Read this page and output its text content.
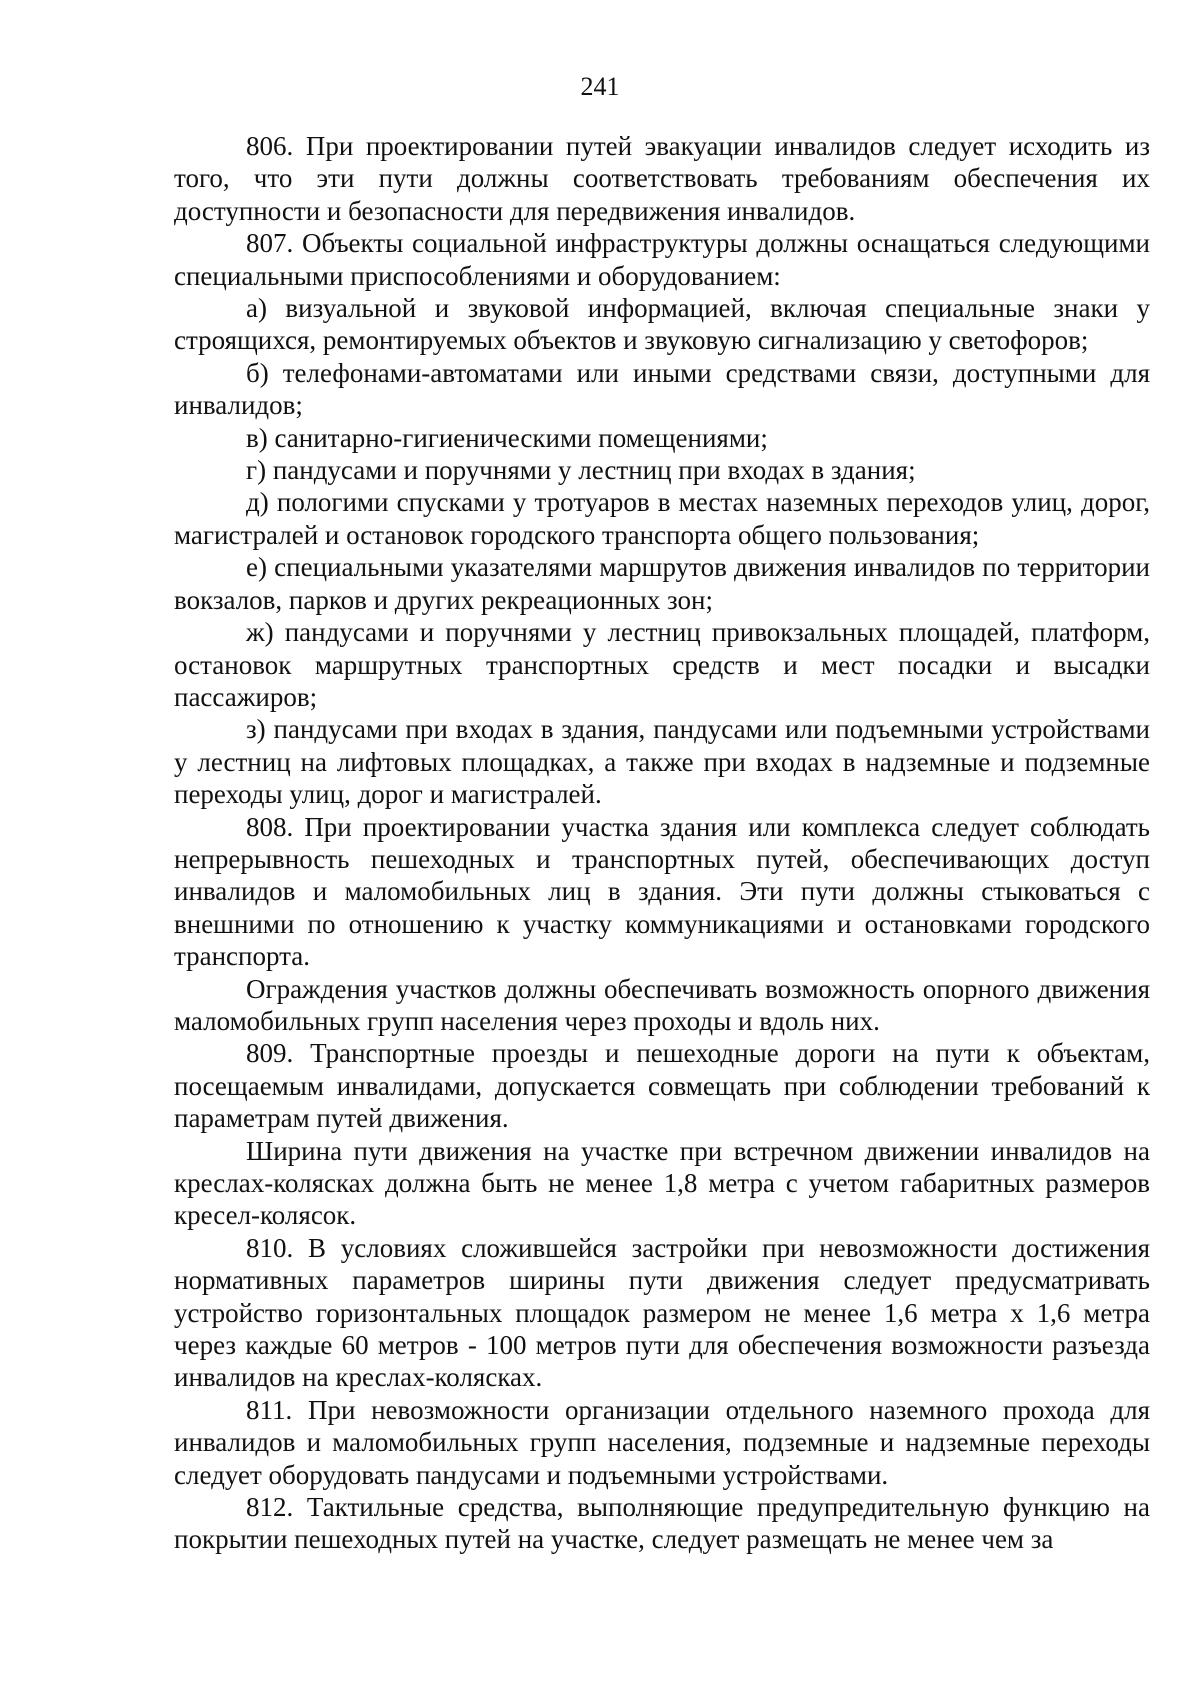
241

806. При проектировании путей эвакуации инвалидов следует исходить из того, что эти пути должны соответствовать требованиям обеспечения их доступности и безопасности для передвижения инвалидов.

807. Объекты социальной инфраструктуры должны оснащаться следующими специальными приспособлениями и оборудованием:

а) визуальной и звуковой информацией, включая специальные знаки у строящихся, ремонтируемых объектов и звуковую сигнализацию у светофоров;

б) телефонами-автоматами или иными средствами связи, доступными для инвалидов;

в) санитарно-гигиеническими помещениями;

г) пандусами и поручнями у лестниц при входах в здания;

д) пологими спусками у тротуаров в местах наземных переходов улиц, дорог, магистралей и остановок городского транспорта общего пользования;

е) специальными указателями маршрутов движения инвалидов по территории вокзалов, парков и других рекреационных зон;

ж) пандусами и поручнями у лестниц привокзальных площадей, платформ, остановок маршрутных транспортных средств и мест посадки и высадки пассажиров;

з) пандусами при входах в здания, пандусами или подъемными устройствами у лестниц на лифтовых площадках, а также при входах в надземные и подземные переходы улиц, дорог и магистралей.

808. При проектировании участка здания или комплекса следует соблюдать непрерывность пешеходных и транспортных путей, обеспечивающих доступ инвалидов и маломобильных лиц в здания. Эти пути должны стыковаться с внешними по отношению к участку коммуникациями и остановками городского транспорта.

Ограждения участков должны обеспечивать возможность опорного движения маломобильных групп населения через проходы и вдоль них.

809. Транспортные проезды и пешеходные дороги на пути к объектам, посещаемым инвалидами, допускается совмещать при соблюдении требований к параметрам путей движения.

Ширина пути движения на участке при встречном движении инвалидов на креслах-колясках должна быть не менее 1,8 метра с учетом габаритных размеров кресел-колясок.

810. В условиях сложившейся застройки при невозможности достижения нормативных параметров ширины пути движения следует предусматривать устройство горизонтальных площадок размером не менее 1,6 метра х 1,6 метра через каждые 60 метров - 100 метров пути для обеспечения возможности разъезда инвалидов на креслах-колясках.

811. При невозможности организации отдельного наземного прохода для инвалидов и маломобильных групп населения, подземные и надземные переходы следует оборудовать пандусами и подъемными устройствами.

812. Тактильные средства, выполняющие предупредительную функцию на покрытии пешеходных путей на участке, следует размещать не менее чем за
